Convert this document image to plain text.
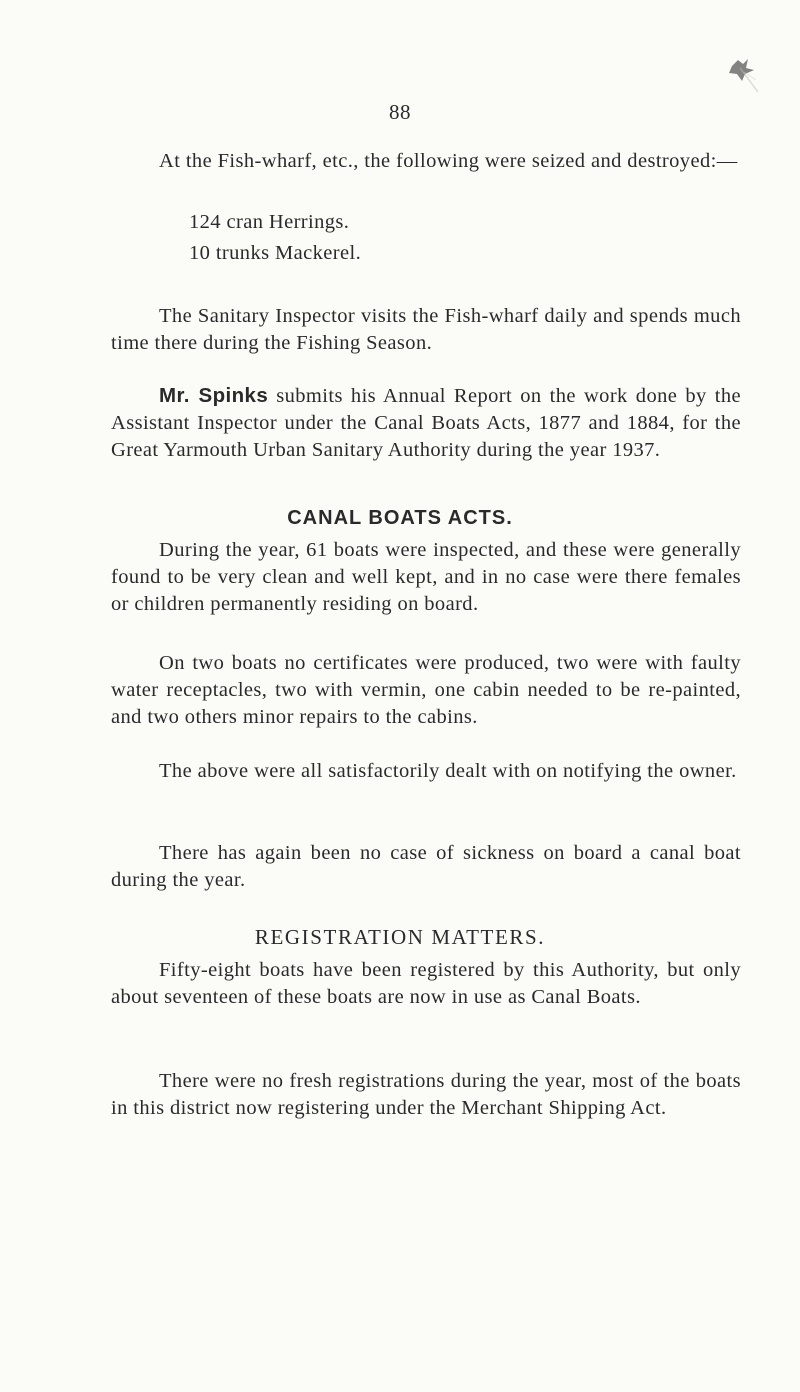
88

At the Fish-wharf, etc., the following were seized and destroyed:—

124 cran Herrings.

10 trunks Mackerel.

The Sanitary Inspector visits the Fish-wharf daily and spends much time there during the Fishing Season.

Mr. Spinks submits his Annual Report on the work done by the Assistant Inspector under the Canal Boats Acts, 1877 and 1884, for the Great Yarmouth Urban Sanitary Authority during the year 1937.

CANAL BOATS ACTS.

During the year, 61 boats were inspected, and these were generally found to be very clean and well kept, and in no case were there females or children permanently residing on board.

On two boats no certificates were produced, two were with faulty water receptacles, two with vermin, one cabin needed to be re-painted, and two others minor repairs to the cabins.

The above were all satisfactorily dealt with on notifying the owner.

There has again been no case of sickness on board a canal boat during the year.

REGISTRATION MATTERS.

Fifty-eight boats have been registered by this Authority, but only about seventeen of these boats are now in use as Canal Boats.

There were no fresh registrations during the year, most of the boats in this district now registering under the Merchant Shipping Act.
